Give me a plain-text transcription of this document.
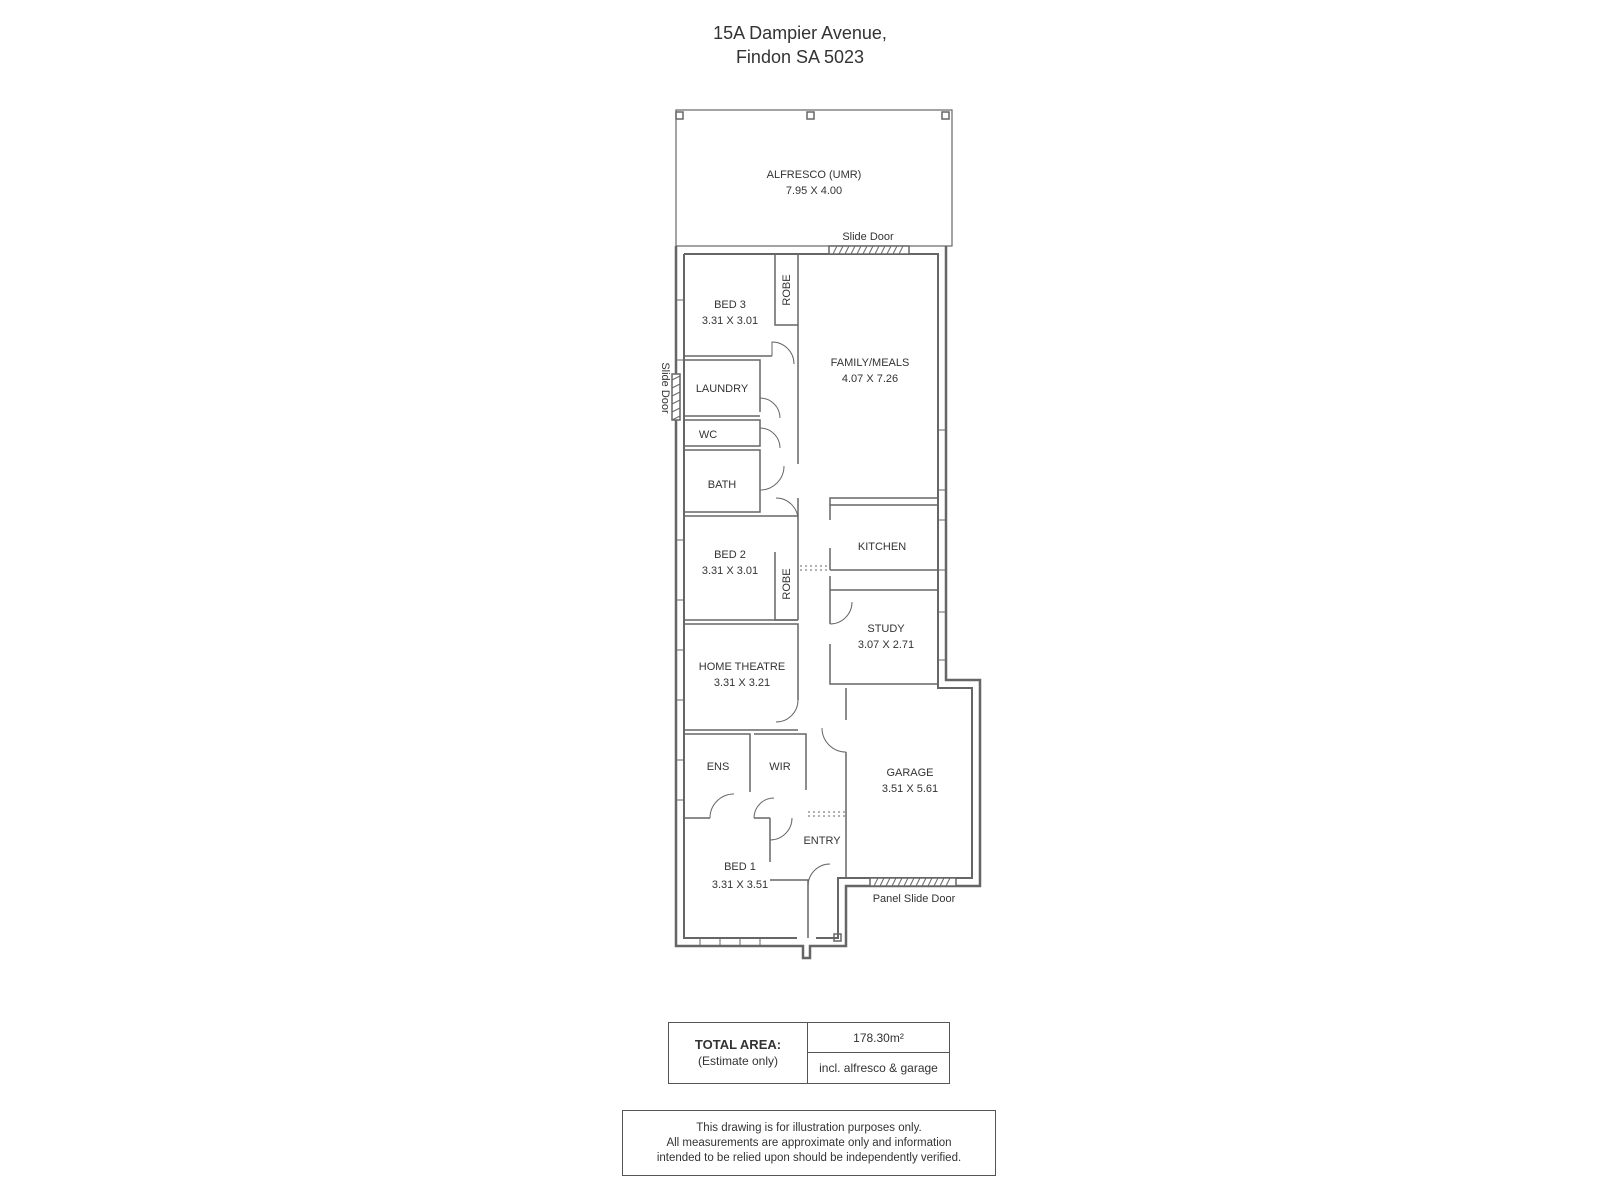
15A Dampier Avenue,
Findon SA 5023
ALFRESCO (UMR)
7.95 X 4.00
Slide Door
BED 3
3.31 X 3.01
ROBE
FAMILY/MEALS
4.07 X 7.26
LAUNDRY
Slide Door
WC
BATH
KITCHEN
BED 2
3.31 X 3.01 ROBE
STUDY
3.07 X 2.71
HOME THEATRE
3.31 X 3.21
ENS	WIR	GARAGE
3.51 X 5.61
ENTRY
BED 1
3.31 X 3.51
Panel Slide Door
TOTAL AREA:
(Estimate only)
178.30m²
incl. alfresco & garage
This drawing is for illustration purposes only.
All measurements are approximate only and information
intended to be relied upon should be independently verified.
